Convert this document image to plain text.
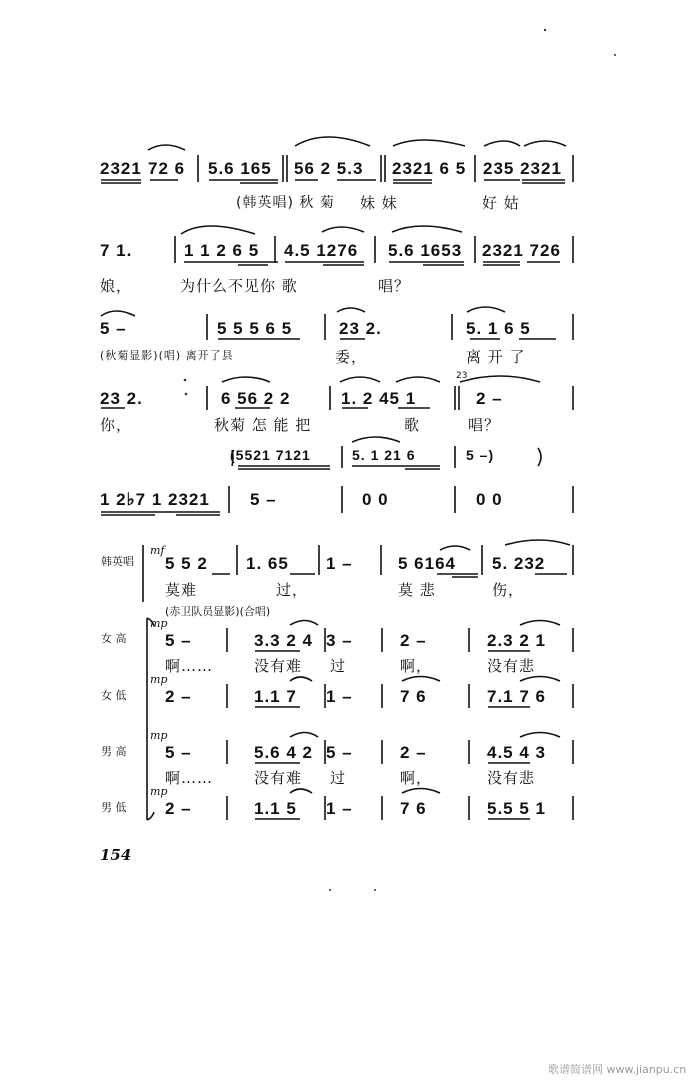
2321 72 6 5.6 165 56 2 5.3 2321 6 5 235 2321
(韩英唱) 秋 菊 妹 妹	好 姑
7 1.	1 1 2 6 5 4.5 1276 5.6 1653 2321 726
娘，	为什么不见你 歌	唱？
5 –	5 5 5 6 5	23 2.	5. 1 6 5
(秋菊显影)(唱) 离开了县	委，	离 开 了
23
23 2.	6 56 2 2	1. 2 45 1	2 –
你，	秋菊 怎 能 把	歌	唱？
(5521 7121	5. 1 21 6	5 –)
1 2♭7 1 2321 5 –	0 0	0 0
韩英唱
mf
5 5 2 1. 65 1 –	5 6164 5. 232
莫难	过，	莫 悲	伤，
(赤卫队员显影)(合唱)
女 高
mp
5 –	3.3 2 4 3 –	2 –	2.3 2 1
啊……	没有难 过	啊，	没有悲
女 低
mp
2 –	1.1 7 1 –	7 6	7.1 7 6
男 高
mp
5 –	5.6 4 2 5 –	2 –	4.5 4 3
啊……	没有难 过	啊，	没有悲
男 低
mp
2 –	1.1 5 1 –	7 6	5.5 5 1
154
歌谱简谱网 www.jianpu.cn
